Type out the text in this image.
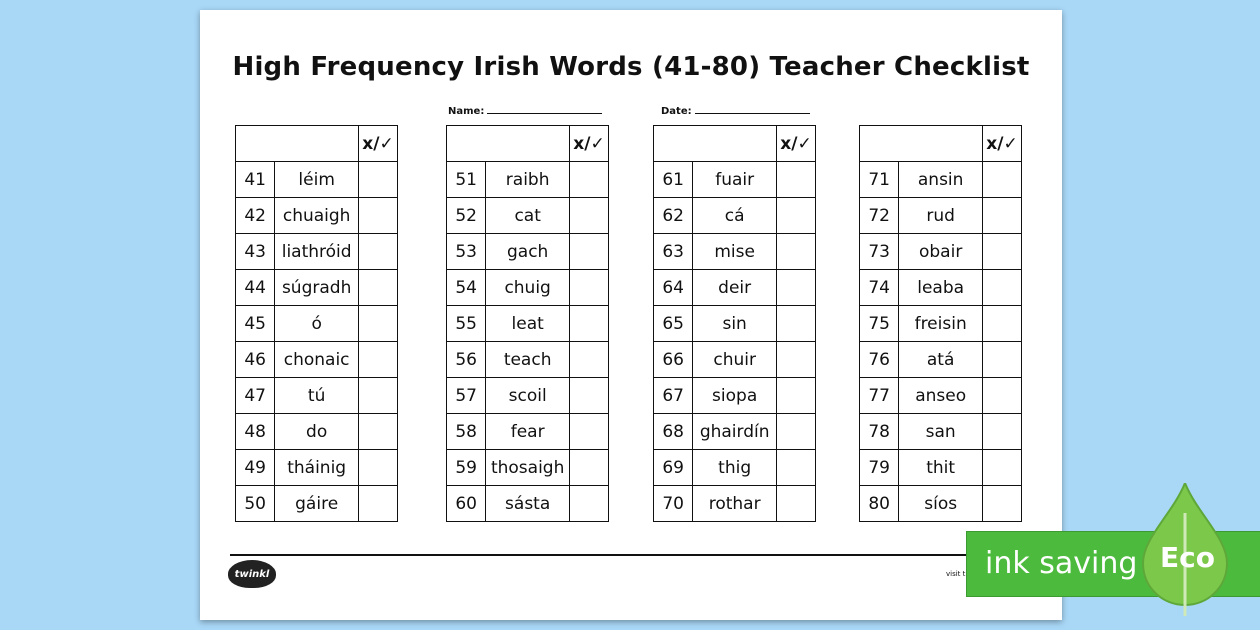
High Frequency Irish Words (41-80) Teacher Checklist
Name:	Date:
		x/✓
41	léim	
42	chuaigh	
43	liathróid	
44	súgradh	
45	ó	
46	chonaic	
47	tú	
48	do	
49	tháinig	
50	gáire	
		x/✓
51	raibh	
52	cat	
53	gach	
54	chuig	
55	leat	
56	teach	
57	scoil	
58	fear	
59	thosaigh	
60	sásta	
		x/✓
61	fuair	
62	cá	
63	mise	
64	deir	
65	sin	
66	chuir	
67	siopa	
68	ghairdín	
69	thig	
70	rothar	
		x/✓
71	ansin	
72	rud	
73	obair	
74	leaba	
75	freisin	
76	atá	
77	anseo	
78	san	
79	thit	
80	síos	
twinkl	visit t ink saving Eco
